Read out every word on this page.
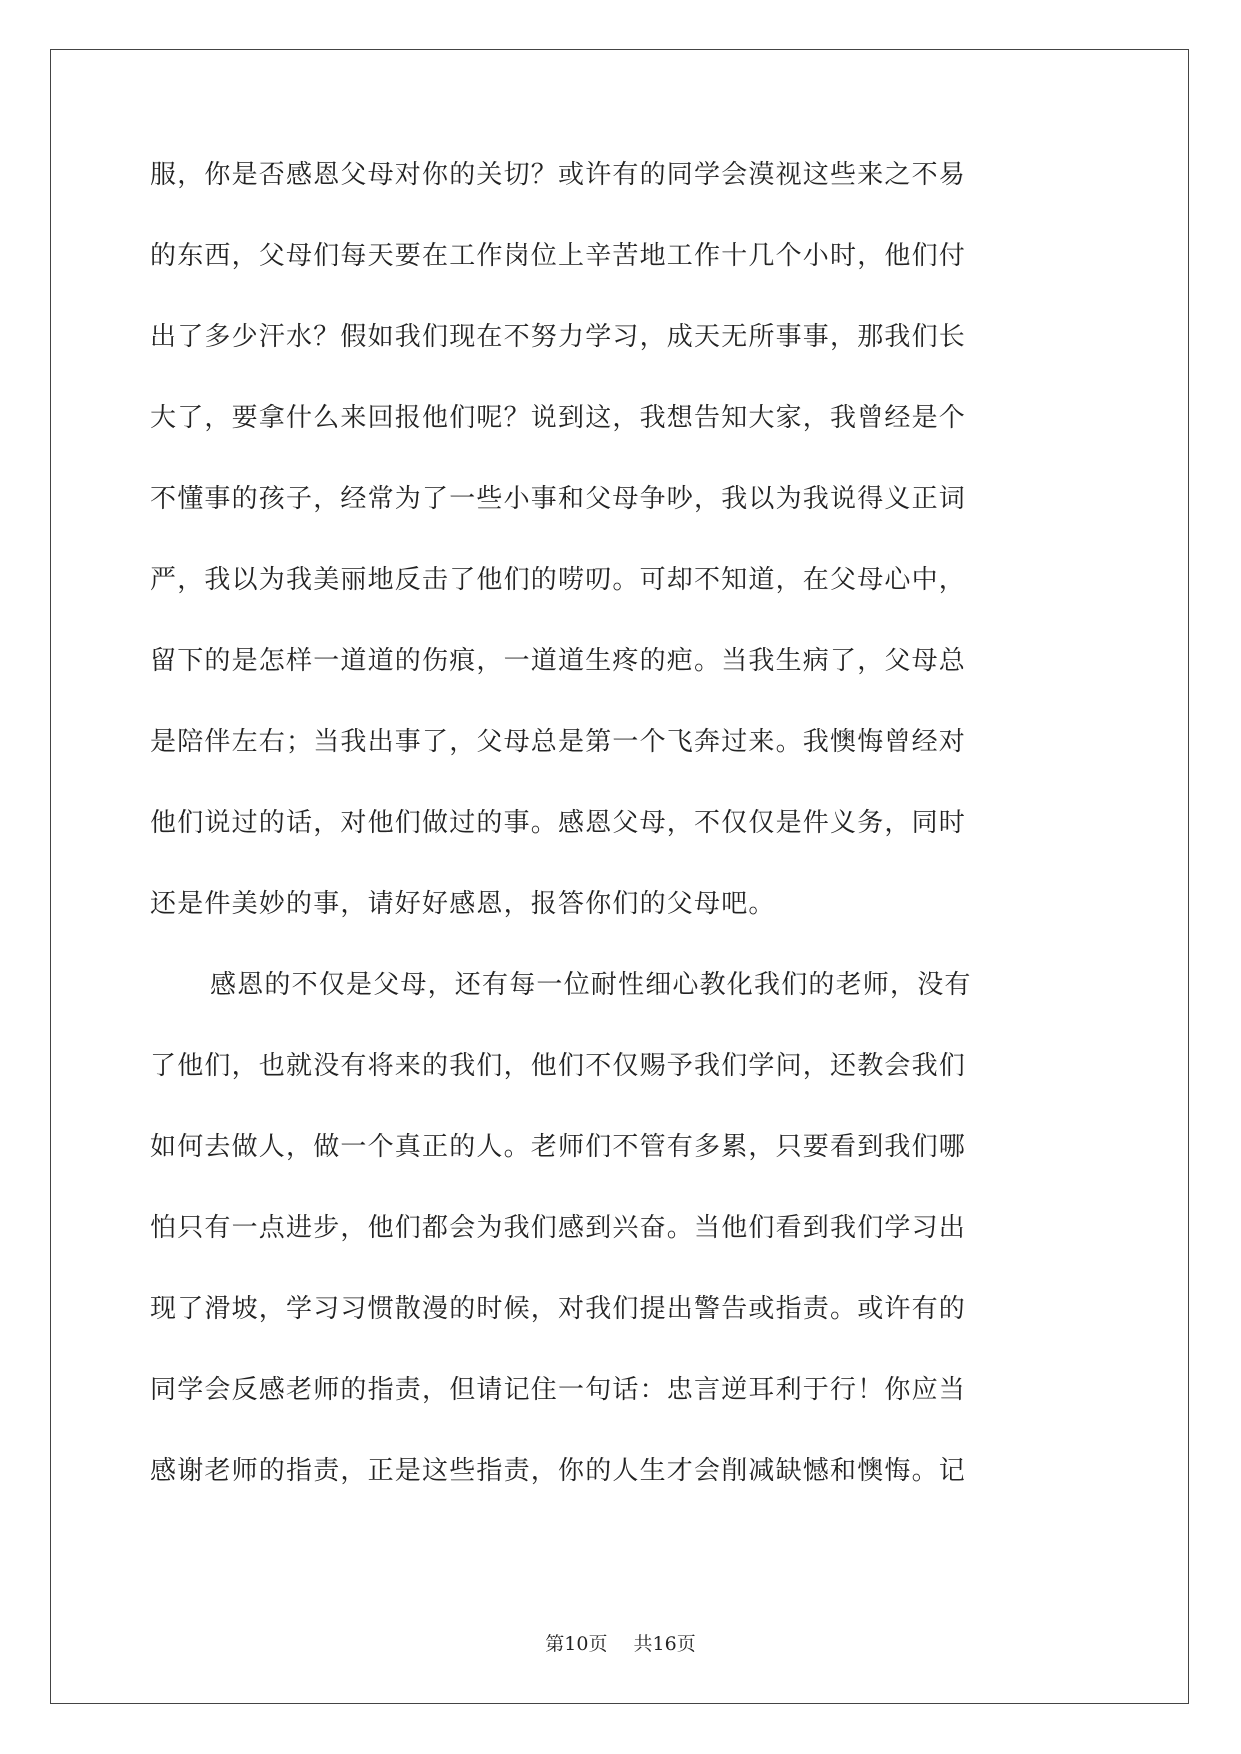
服，你是否感恩父母对你的关切？或许有的同学会漠视这些来之不易
的东西，父母们每天要在工作岗位上辛苦地工作十几个小时，他们付
出了多少汗水？假如我们现在不努力学习，成天无所事事，那我们长
大了，要拿什么来回报他们呢？说到这，我想告知大家，我曾经是个
不懂事的孩子，经常为了一些小事和父母争吵，我以为我说得义正词
严，我以为我美丽地反击了他们的唠叨。可却不知道，在父母心中，
留下的是怎样一道道的伤痕，一道道生疼的疤。当我生病了，父母总
是陪伴左右；当我出事了，父母总是第一个飞奔过来。我懊悔曾经对
他们说过的话，对他们做过的事。感恩父母，不仅仅是件义务，同时
还是件美妙的事，请好好感恩，报答你们的父母吧。
感恩的不仅是父母，还有每一位耐性细心教化我们的老师，没有
了他们，也就没有将来的我们，他们不仅赐予我们学问，还教会我们
如何去做人，做一个真正的人。老师们不管有多累，只要看到我们哪
怕只有一点进步，他们都会为我们感到兴奋。当他们看到我们学习出
现了滑坡，学习习惯散漫的时候，对我们提出警告或指责。或许有的
同学会反感老师的指责，但请记住一句话：忠言逆耳利于行！你应当
感谢老师的指责，正是这些指责，你的人生才会削减缺憾和懊悔。记
第10页 共16页
